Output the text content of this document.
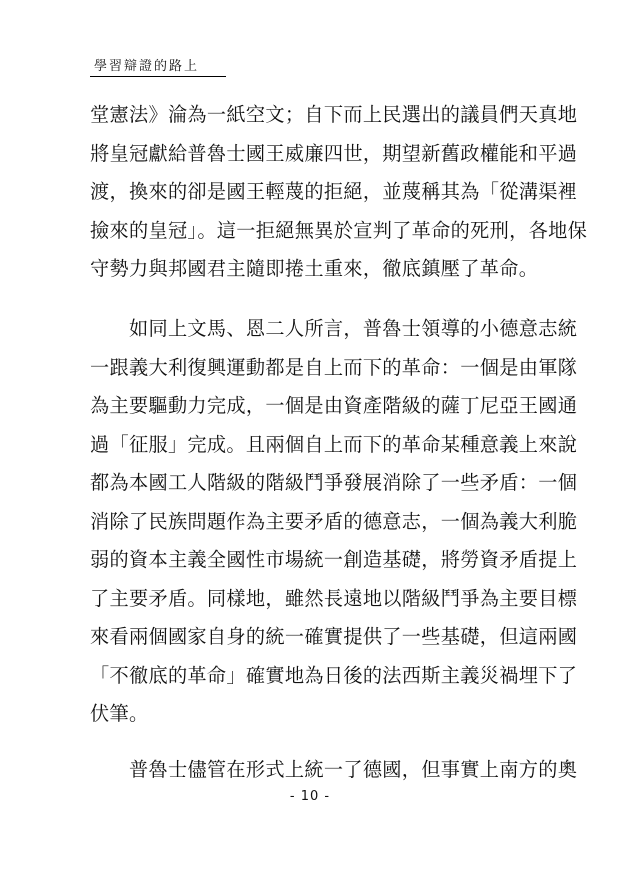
學習辯證的路上
堂憲法》淪為一紙空文；自下而上民選出的議員們天真地
將皇冠獻給普魯士國王威廉四世，期望新舊政權能和平過
渡，換來的卻是國王輕蔑的拒絕，並蔑稱其為「從溝渠裡
撿來的皇冠」。這一拒絕無異於宣判了革命的死刑，各地保
守勢力與邦國君主隨即捲土重來，徹底鎮壓了革命。
　　如同上文馬、恩二人所言，普魯士領導的小德意志統
一跟義大利復興運動都是自上而下的革命：一個是由軍隊
為主要驅動力完成，一個是由資產階級的薩丁尼亞王國通
過「征服」完成。且兩個自上而下的革命某種意義上來說
都為本國工人階級的階級鬥爭發展消除了一些矛盾：一個
消除了民族問題作為主要矛盾的德意志，一個為義大利脆
弱的資本主義全國性市場統一創造基礎，將勞資矛盾提上
了主要矛盾。同樣地，雖然長遠地以階級鬥爭為主要目標
來看兩個國家自身的統一確實提供了一些基礎，但這兩國
「不徹底的革命」確實地為日後的法西斯主義災禍埋下了
伏筆。
　　普魯士儘管在形式上統一了德國，但事實上南方的奧
- 10 -
